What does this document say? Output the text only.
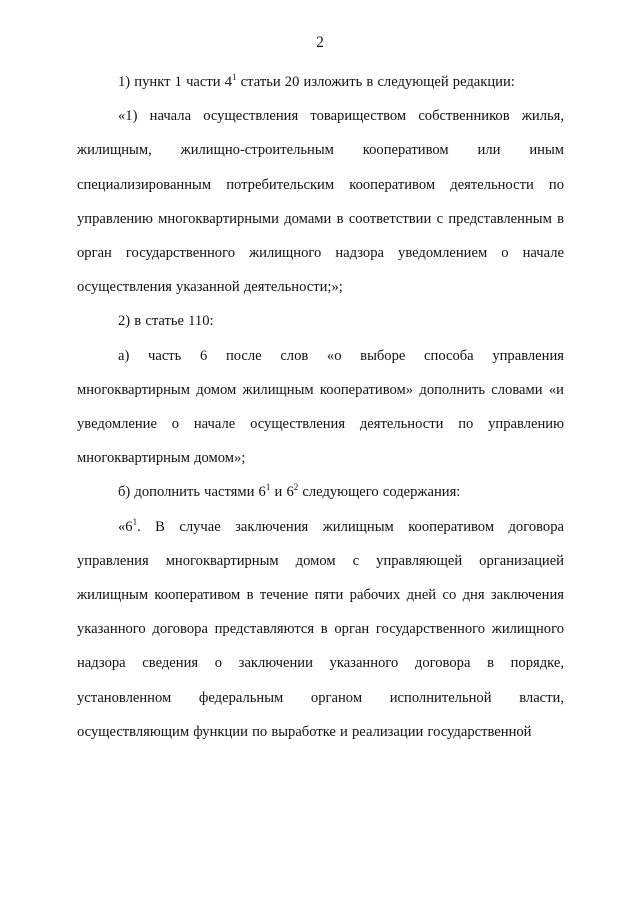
2

1) пункт 1 части $4^1$ статьи 20 изложить в следующей редакции:

«1) начала осуществления товариществом собственников жилья, жилищным, жилищно-строительным кооперативом или иным специализированным потребительским кооперативом деятельности по управлению многоквартирными домами в соответствии с представленным в орган государственного жилищного надзора уведомлением о начале осуществления указанной деятельности;»;

2) в статье 110:

а) часть 6 после слов «о выборе способа управления многоквартирным домом жилищным кооперативом» дополнить словами «и уведомление о начале осуществления деятельности по управлению многоквартирным домом»;

б) дополнить частями $6^1$ и $6^2$ следующего содержания:

«$6^1$. В случае заключения жилищным кооперативом договора управления многоквартирным домом с управляющей организацией жилищным кооперативом в течение пяти рабочих дней со дня заключения указанного договора представляются в орган государственного жилищного надзора сведения о заключении указанного договора в порядке, установленном федеральным органом исполнительной власти, осуществляющим функции по выработке и реализации государственной
